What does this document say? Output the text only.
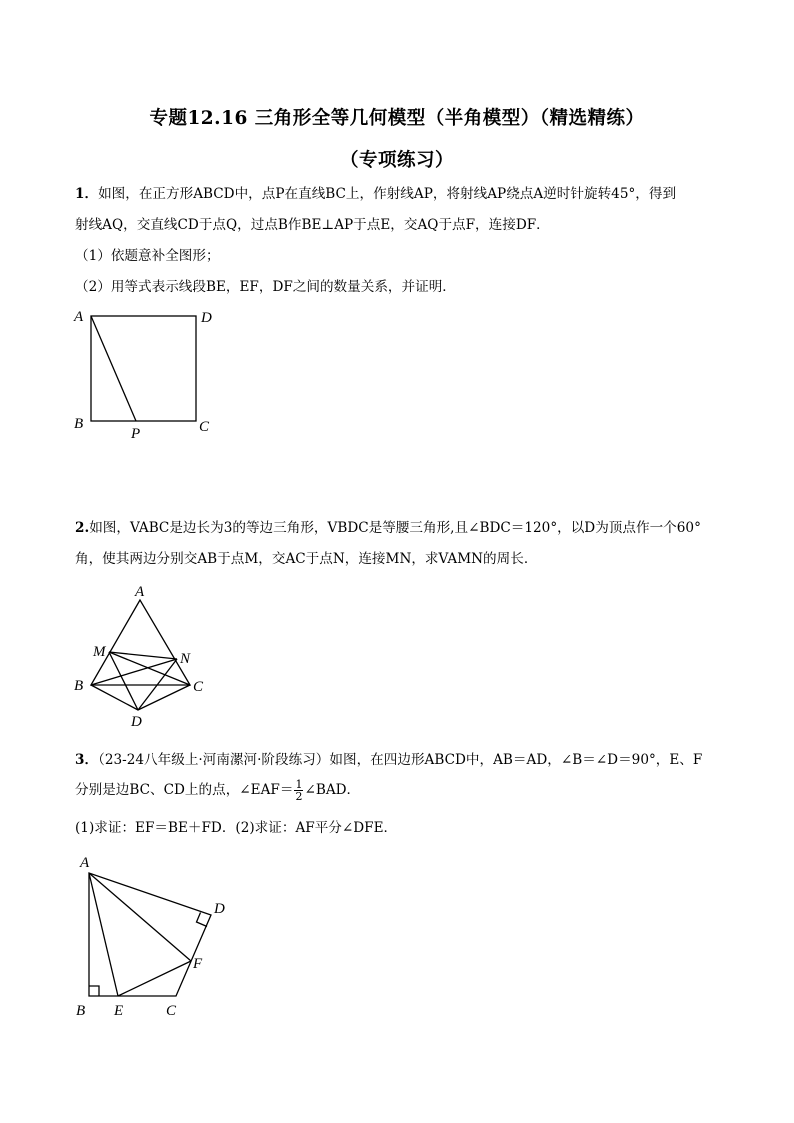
专题12.16 三角形全等几何模型（半角模型）（精选精练）
（专项练习）
1．如图，在正方形ABCD中，点P在直线BC上，作射线AP，将射线AP绕点A逆时针旋转45°，得到
射线AQ，交直线CD于点Q，过点B作BE⊥AP于点E，交AQ于点F，连接DF．
（1）依题意补全图形；
（2）用等式表示线段BE，EF，DF之间的数量关系，并证明．
A	D
B	C
P
2.如图，VABC是边长为3的等边三角形，VBDC是等腰三角形,且∠BDC＝120°，以D为顶点作一个60°
角，使其两边分别交AB于点M，交AC于点N，连接MN，求VAMN的周长．
A
M	N
B	C
D
3．（23-24八年级上·河南漯河·阶段练习）如图，在四边形ABCD中，AB＝AD，∠B＝∠D＝90°，E、F
分别是边BC、CD上的点，∠EAF＝ $\frac{1}{2}$ ∠BAD．
(1)求证：EF＝BE＋FD．(2)求证：AF平分∠DFE．
A
D
F
B E	C
